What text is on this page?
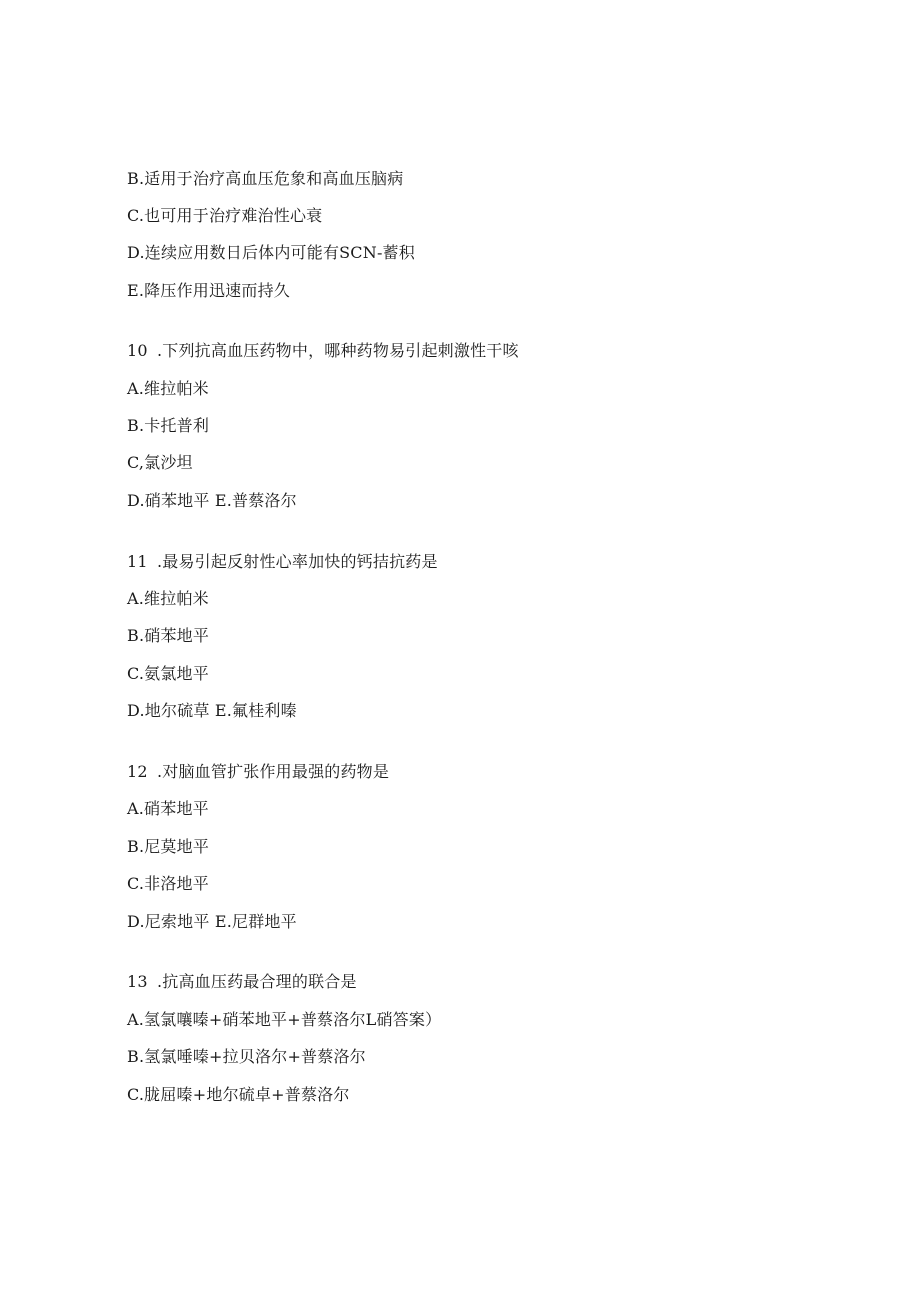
B.适用于治疗高血压危象和高血压脑病
C.也可用于治疗难治性心衰
D.连续应用数日后体内可能有SCN-蓄积
E.降压作用迅速而持久
10 .下列抗高血压药物中，哪种药物易引起刺激性干咳
A.维拉帕米
B.卡托普利
C,氯沙坦
D.硝苯地平 E.普蔡洛尔
11 .最易引起反射性心率加快的钙拮抗药是
A.维拉帕米
B.硝苯地平
C.氨氯地平
D.地尔硫草 E.氟桂利嗪
12 .对脑血管扩张作用最强的药物是
A.硝苯地平
B.尼莫地平
C.非洛地平
D.尼索地平 E.尼群地平
13 .抗高血压药最合理的联合是
A.氢氯嚷嗪+硝苯地平+普蔡洛尔L硝答案）
B.氢氯唾嗪+拉贝洛尔+普蔡洛尔
C.胧屈嗪+地尔硫卓+普蔡洛尔
